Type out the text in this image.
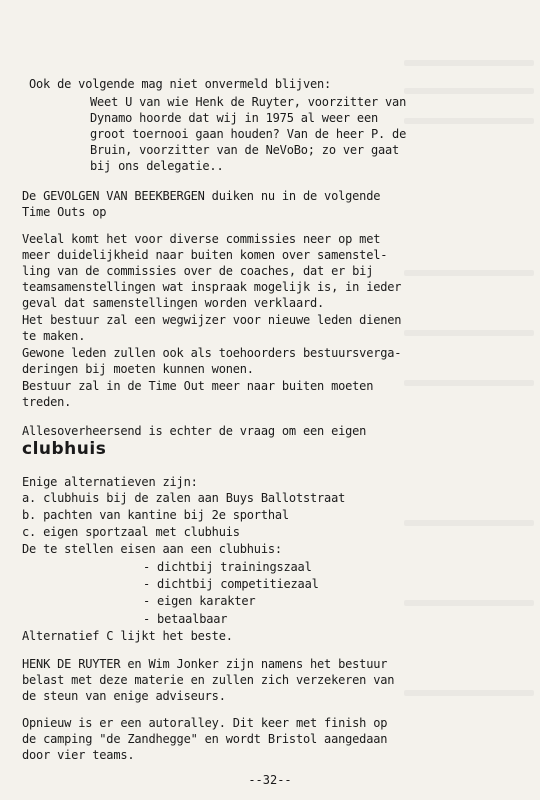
Ook de volgende mag niet onvermeld blijven:
Weet U van wie Henk de Ruyter, voorzitter van
Dynamo hoorde dat wij in 1975 al weer een
groot toernooi gaan houden? Van de heer P. de
Bruin, voorzitter van de NeVoBo; zo ver gaat
bij ons delegatie..
De GEVOLGEN VAN BEEKBERGEN duiken nu in de volgende
Time Outs op
Veelal komt het voor diverse commissies neer op met
meer duidelijkheid naar buiten komen over samenstel-
ling van de commissies over de coaches, dat er bij
teamsamenstellingen wat inspraak mogelijk is, in ieder
geval dat samenstellingen worden verklaard.
Het bestuur zal een wegwijzer voor nieuwe leden dienen
te maken.
Gewone leden zullen ook als toehoorders bestuursverga-
deringen bij moeten kunnen wonen.
Bestuur zal in de Time Out meer naar buiten moeten
treden.
Allesoverheersend is echter de vraag om een eigen
clubhuis
Enige alternatieven zijn:
a. clubhuis bij de zalen aan Buys Ballotstraat
b. pachten van kantine bij 2e sporthal
c. eigen sportzaal met clubhuis
De te stellen eisen aan een clubhuis:
- dichtbij trainingszaal
- dichtbij competitiezaal
- eigen karakter
- betaalbaar
Alternatief C lijkt het beste.
HENK DE RUYTER en Wim Jonker zijn namens het bestuur
belast met deze materie en zullen zich verzekeren van
de steun van enige adviseurs.
Opnieuw is er een autoralley. Dit keer met finish op
de camping "de Zandhegge" en wordt Bristol aangedaan
door vier teams.
--32--
